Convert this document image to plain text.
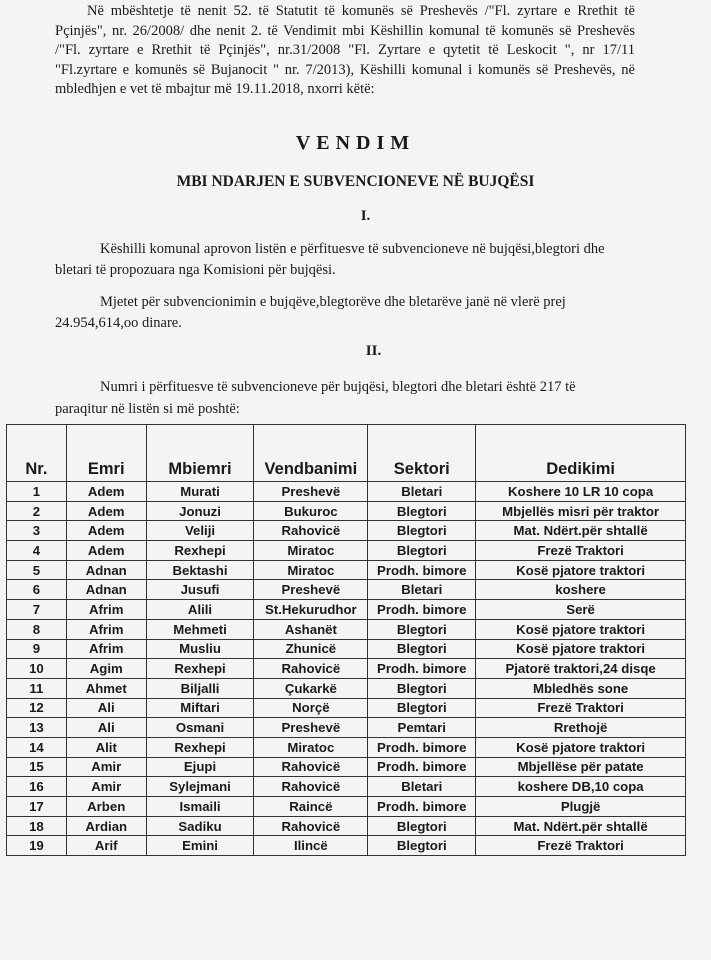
Në mbështetje të nenit 52. të Statutit të komunës së Preshevës /"Fl. zyrtare e Rrethit të
Pçinjës", nr. 26/2008/ dhe nenit 2. të Vendimit mbi Këshillin komunal të komunës së Preshevës
/"Fl. zyrtare e Rrethit të Pçinjës", nr.31/2008 "Fl. Zyrtare e qytetit të Leskocit ", nr 17/11
"Fl.zyrtare e komunës së Bujanocit " nr. 7/2013), Këshilli komunal i komunës së Preshevës, në
mbledhjen e vet të mbajtur më 19.11.2018, nxorri këtë:

VENDIM
MBI NDARJEN E SUBVENCIONEVE NË BUJQËSI
I.
Këshilli komunal aprovon listën e përfituesve të subvencioneve në bujqësi,blegtori dhe
bletari të propozuara nga Komisioni për bujqësi.
Mjetet për subvencionimin e bujqëve,blegtorëve dhe bletarëve janë në vlerë prej
24.954,614,oo dinare.
II.
Numri i përfituesve të subvencioneve për bujqësi, blegtori dhe bletari është 217 të
paraqitur në listën si më poshtë:
Nr.	Emri	Mbiemri	Vendbanimi	Sektori	Dedikimi
1	Adem	Murati	Preshevë	Bletari	Koshere 10 LR 10 copa
2	Adem	Jonuzi	Bukuroc	Blegtori	Mbjellës misri për traktor
3	Adem	Veliji	Rahovicë	Blegtori	Mat. Ndërt.për shtallë
4	Adem	Rexhepi	Miratoc	Blegtori	Frezë Traktori
5	Adnan	Bektashi	Miratoc	Prodh. bimore	Kosë pjatore traktori
6	Adnan	Jusufi	Preshevë	Bletari	koshere
7	Afrim	Alili	St.Hekurudhor	Prodh. bimore	Serë
8	Afrim	Mehmeti	Ashanët	Blegtori	Kosë pjatore traktori
9	Afrim	Musliu	Zhunicë	Blegtori	Kosë pjatore traktori
10	Agim	Rexhepi	Rahovicë	Prodh. bimore	Pjatorë traktori,24 disqe
11	Ahmet	Biljalli	Çukarkë	Blegtori	Mbledhës sone
12	Ali	Miftari	Norçë	Blegtori	Frezë Traktori
13	Ali	Osmani	Preshevë	Pemtari	Rrethojë
14	Alit	Rexhepi	Miratoc	Prodh. bimore	Kosë pjatore traktori
15	Amir	Ejupi	Rahovicë	Prodh. bimore	Mbjellëse për patate
16	Amir	Sylejmani	Rahovicë	Bletari	koshere DB,10 copa
17	Arben	Ismaili	Raincë	Prodh. bimore	Plugjë
18	Ardian	Sadiku	Rahovicë	Blegtori	Mat. Ndërt.për shtallë
19	Arif	Emini	Ilincë	Blegtori	Frezë Traktori
